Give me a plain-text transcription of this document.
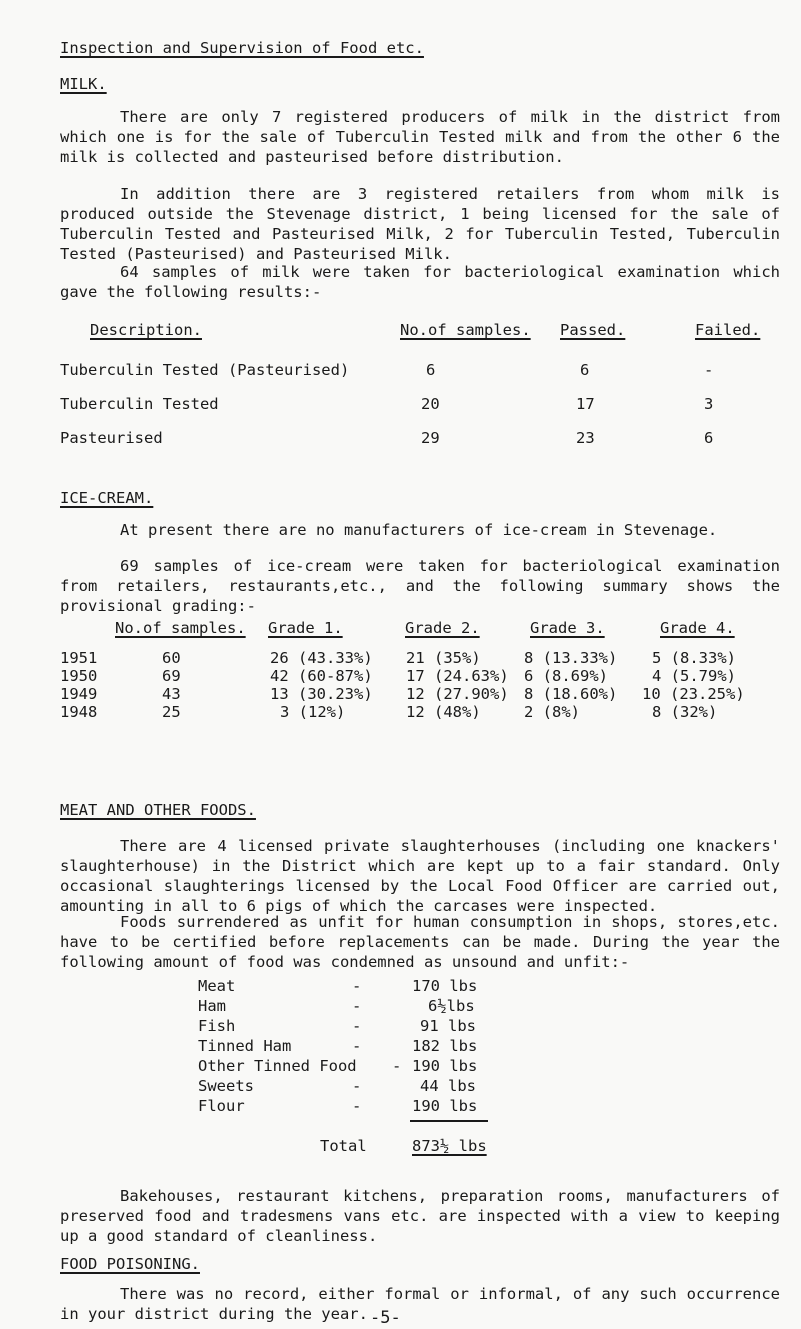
Inspection and Supervision of Food etc.
MILK.
There are only 7 registered producers of milk in the district from which one is for the sale of Tuberculin Tested milk and from the other 6 the milk is collected and pasteurised before distribution.
In addition there are 3 registered retailers from whom milk is produced outside the Stevenage district, 1 being licensed for the sale of Tuberculin Tested and Pasteurised Milk, 2 for Tuberculin Tested, Tuberculin Tested (Pasteurised) and Pasteurised Milk.
64 samples of milk were taken for bacteriological examination which gave the following results:-
Description.	No.of samples. Passed.	Failed.
Tuberculin Tested (Pasteurised)	6	6	-
Tuberculin Tested	20	17	3
Pasteurised	29	23	6
ICE-CREAM.
At present there are no manufacturers of ice-cream in Stevenage.
69 samples of ice-cream were taken for bacteriological examination from retailers, restaurants,etc., and the following summary shows the provisional grading:-
No.of samples. Grade 1.	Grade 2.	Grade 3.	Grade 4.
1951	60	26 (43.33%) 21 (35%)	8 (13.33%) 5 (8.33%)
1950	69	42 (60-87%) 17 (24.63%) 6 (8.69%)	4 (5.79%)
1949	43	13 (30.23%) 12 (27.90%) 8 (18.60%) 10 (23.25%)
1948	25	3 (12%)	12 (48%)	2 (8%)	8 (32%)
MEAT AND OTHER FOODS.
There are 4 licensed private slaughterhouses (including one knackers' slaughterhouse) in the District which are kept up to a fair standard. Only occasional slaughterings licensed by the Local Food Officer are carried out, amounting in all to 6 pigs of which the carcases were inspected.
Foods surrendered as unfit for human consumption in shops, stores,etc. have to be certified before replacements can be made. During the year the following amount of food was condemned as unsound and unfit:-
Meat	-	170 lbs
Ham	-	6½lbs
Fish	-	91 lbs
Tinned Ham	-	182 lbs
Other Tinned Food - 190 lbs
Sweets	-	44 lbs
Flour	-	190 lbs
Total	873½ lbs
Bakehouses, restaurant kitchens, preparation rooms, manufacturers of preserved food and tradesmens vans etc. are inspected with a view to keeping up a good standard of cleanliness.
FOOD POISONING.
There was no record, either formal or informal, of any such occurrence in your district during the year. -5-
